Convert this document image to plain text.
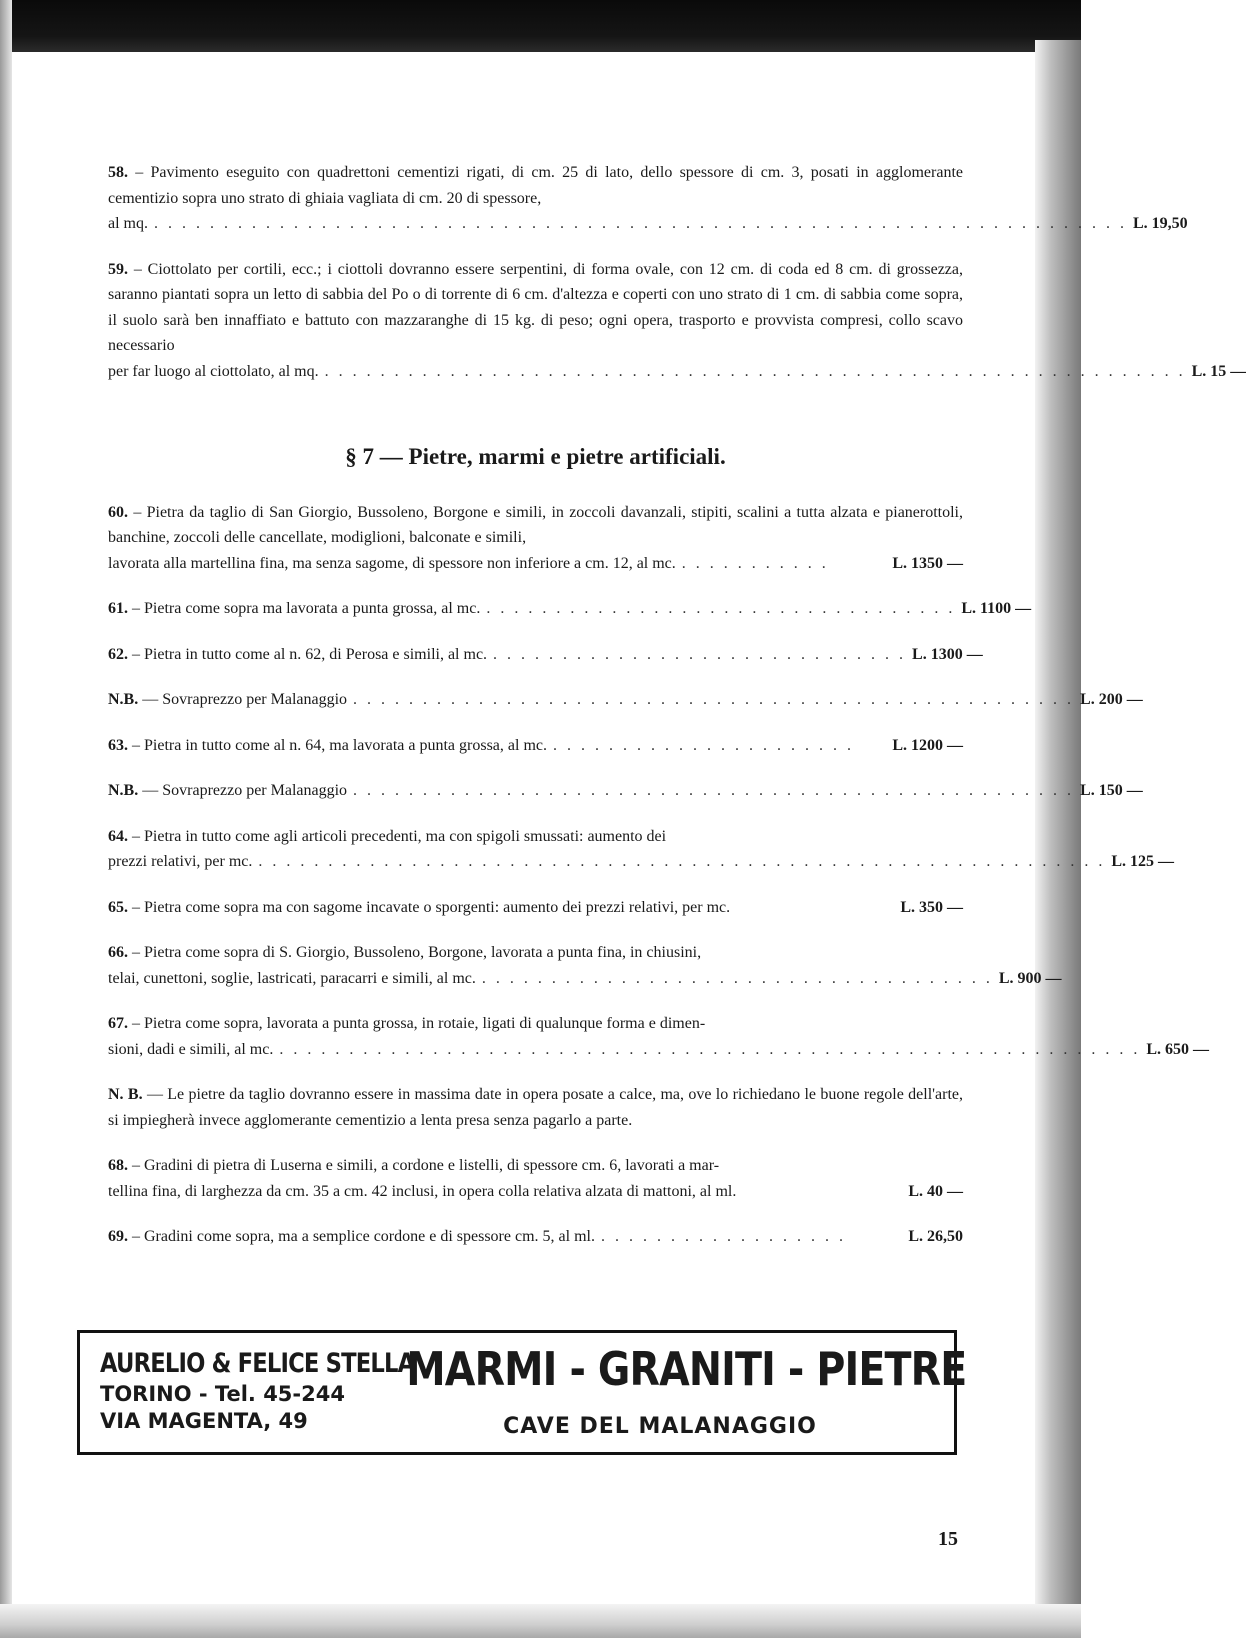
58. – Pavimento eseguito con quadrettoni cementizi rigati, di cm. 25 di lato, dello spessore di cm. 3, posati in agglomerante cementizio sopra uno strato di ghiaia vagliata di cm. 20 di spessore,
al mq. . . . . . . . . . . . . . . . . . . . . . . . . . . . . . . . . . . . . . . . . . . . . . . . . . . . . . . . . . . . . . . . . . . . . . . L. 19,50
59. – Ciottolato per cortili, ecc.; i ciottoli dovranno essere serpentini, di forma ovale, con 12 cm. di coda ed 8 cm. di grossezza, saranno piantati sopra un letto di sabbia del Po o di torrente di 6 cm. d'altezza e coperti con uno strato di 1 cm. di sabbia come sopra, il suolo sarà ben innaffiato e battuto con mazzaranghe di 15 kg. di peso; ogni opera, trasporto e provvista compresi, collo scavo necessario
per far luogo al ciottolato, al mq. . . . . . . . . . . . . . . . . . . . . . . . . . . . . . . . . . . . . . . . . . . . . . . . . . . . . . . . . . . . . . . L. 15 —
§ 7 — Pietre, marmi e pietre artificiali.
60. – Pietra da taglio di San Giorgio, Bussoleno, Borgone e simili, in zoccoli davanzali, stipiti, scalini a tutta alzata e pianerottoli, banchine, zoccoli delle cancellate, modiglioni, balconate e simili,
lavorata alla martellina fina, ma senza sagome, di spessore non inferiore a cm. 12, al mc. . . . . . . . . . . .	L. 1350 —
61. – Pietra come sopra ma lavorata a punta grossa, al mc. . . . . . . . . . . . . . . . . . . . . . . . . . . . . . . . . . . L. 1100 —
62. – Pietra in tutto come al n. 62, di Perosa e simili, al mc. . . . . . . . . . . . . . . . . . . . . . . . . . . . . . . L. 1300 —
N.B. — Sovraprezzo per Malanaggio . . . . . . . . . . . . . . . . . . . . . . . . . . . . . . . . . . . . . . . . . . . . . . . . . . . . L. 200 —
63. – Pietra in tutto come al n. 64, ma lavorata a punta grossa, al mc. . . . . . . . . . . . . . . . . . . . . . .	L. 1200 —
N.B. — Sovraprezzo per Malanaggio . . . . . . . . . . . . . . . . . . . . . . . . . . . . . . . . . . . . . . . . . . . . . . . . . . . . L. 150 —
64. – Pietra in tutto come agli articoli precedenti, ma con spigoli smussati: aumento dei
prezzi relativi, per mc. . . . . . . . . . . . . . . . . . . . . . . . . . . . . . . . . . . . . . . . . . . . . . . . . . . . . . . . . . . . . . L. 125 —
65. – Pietra come sopra ma con sagome incavate o sporgenti: aumento dei prezzi relativi, per mc.	L. 350 —
66. – Pietra come sopra di S. Giorgio, Bussoleno, Borgone, lavorata a punta fina, in chiusini,
telai, cunettoni, soglie, lastricati, paracarri e simili, al mc. . . . . . . . . . . . . . . . . . . . . . . . . . . . . . . . . . . . . . L. 900 —
67. – Pietra come sopra, lavorata a punta grossa, in rotaie, ligati di qualunque forma e dimen-
sioni, dadi e simili, al mc. . . . . . . . . . . . . . . . . . . . . . . . . . . . . . . . . . . . . . . . . . . . . . . . . . . . . . . . . . . . . . . L. 650 —
N. B. — Le pietre da taglio dovranno essere in massima date in opera posate a calce, ma, ove lo richiedano le buone regole dell'arte, si impiegherà invece agglomerante cementizio a lenta presa senza pagarlo a parte.
68. – Gradini di pietra di Luserna e simili, a cordone e listelli, di spessore cm. 6, lavorati a mar-
tellina fina, di larghezza da cm. 35 a cm. 42 inclusi, in opera colla relativa alzata di mattoni, al ml.	L. 40 —
69. – Gradini come sopra, ma a semplice cordone e di spessore cm. 5, al ml. . . . . . . . . . . . . . . . . . .	L. 26,50
AURELIO & FELICE STELLA
TORINO - Tel. 45-244
VIA MAGENTA, 49
MARMI - GRANITI - PIETRE
CAVE DEL MALANAGGIO
15
